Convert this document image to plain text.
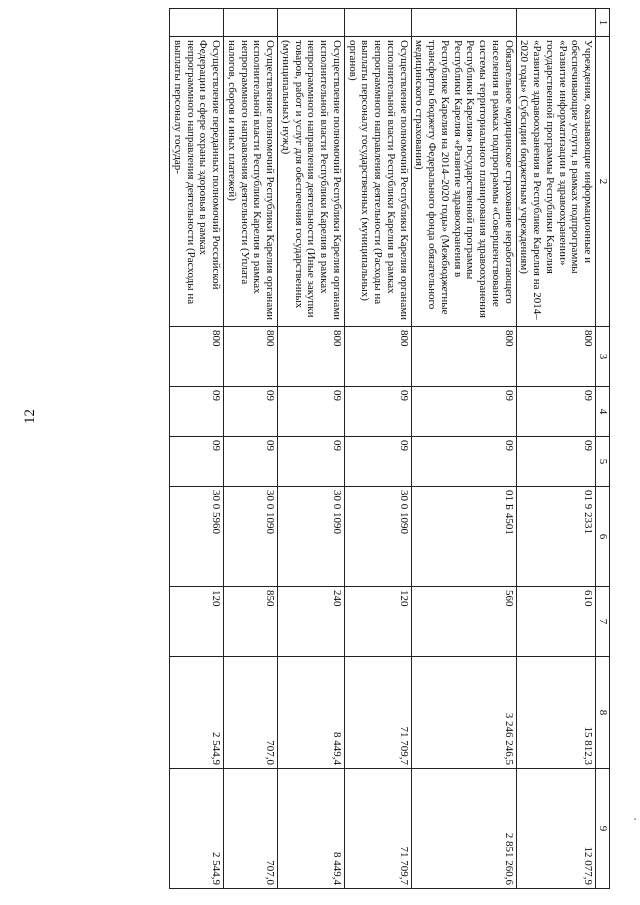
12
1	2	3	4	5	6	7	8	9
	Учреждения, оказывающие информационные и обеспечивающие услуги, в рамках подпрограммы «Развитие информатизации в здравоохранении» государственной программы Республики Карелия «Развитие здравоохранения в Республике Карелия на 2014–2020 годы» (Субсидии бюджетным учреждениям)	800	09	09	01 9 2331	610	15 812,3	12 077,9
	Обязательное медицинское страхование неработающего населения в рамках подпрограммы «Совершенствование системы территориального планирования здравоохранения Республики Карелия» государственной программы Республики Карелия «Развитие здравоохранения в Республике Карелия на 2014–2020 годы» (Межбюджетные трансферты бюджету Федерального фонда обязательного медицинского страхования)	800	09	09	01 Б 4501	560	3 246 246,5	2 851 260,6
	Осуществление полномочий Республики Карелия органами исполнительной власти Республики Карелия в рамках непрограммного направления деятельности (Расходы на выплаты персоналу государственных (муниципальных) органов)	800	09	09	30 0 1090	120	71 709,7	71 709,7
	Осуществление полномочий Республики Карелия органами исполнительной власти Республики Карелия в рамках непрограммного направления деятельности (Иные закупки товаров, работ и услуг для обеспечения государственных (муниципальных) нужд)	800	09	09	30 0 1090	240	8 449,4	8 449,4
	Осуществление полномочий Республики Карелия органами исполнительной власти Республики Карелия в рамках непрограммного направления деятельности (Уплата налогов, сборов и иных платежей)	800	09	09	30 0 1090	850	707,0	707,0
	Осуществление переданных полномочий Российской Федерации в сфере охраны здоровья в рамках непрограммного направления деятельности (Расходы на выплаты персоналу государ-	800	09	09	30 0 5960	120	2 544,9	2 544,9
